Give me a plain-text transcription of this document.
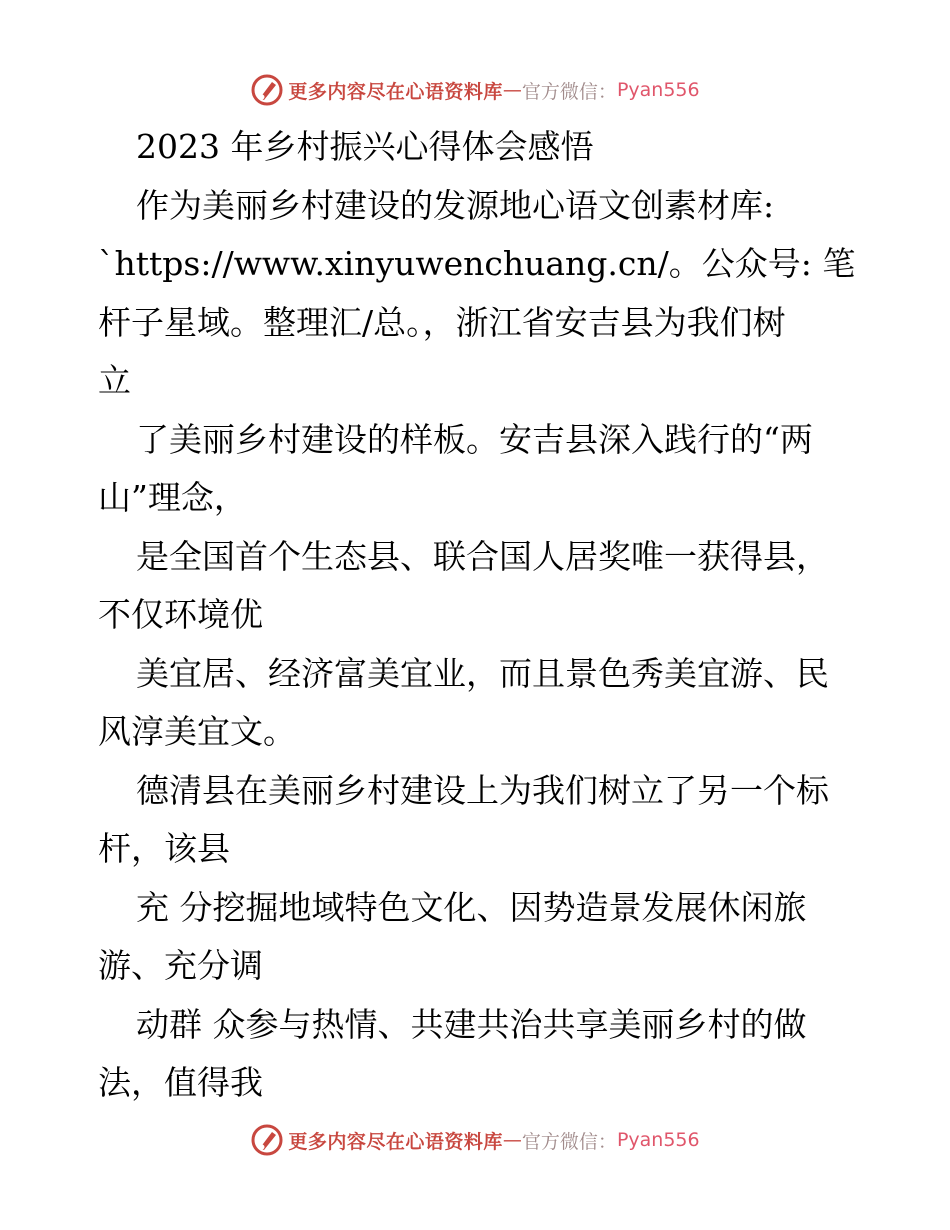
更多内容尽在心语资料库 — 官方微信： Pyan556
2023 年乡村振兴心得体会感悟
作为美丽乡村建设的发源地心语文创素材库:
`https://www.xinyuwenchuang.cn/。公众号: 笔
杆子星域。整理汇/总。，浙江省安吉县为我们树
立
了美丽乡村建设的样板。安吉县深入践行的“两
山”理念，
是全国首个生态县、联合国人居奖唯一获得县，
不仅环境优
美宜居、经济富美宜业，而且景色秀美宜游、民
风淳美宜文。
德清县在美丽乡村建设上为我们树立了另一个标
杆，该县
充 分挖掘地域特色文化、因势造景发展休闲旅
游、充分调
动群 众参与热情、共建共治共享美丽乡村的做
法，值得我
更多内容尽在心语资料库 — 官方微信： Pyan556
